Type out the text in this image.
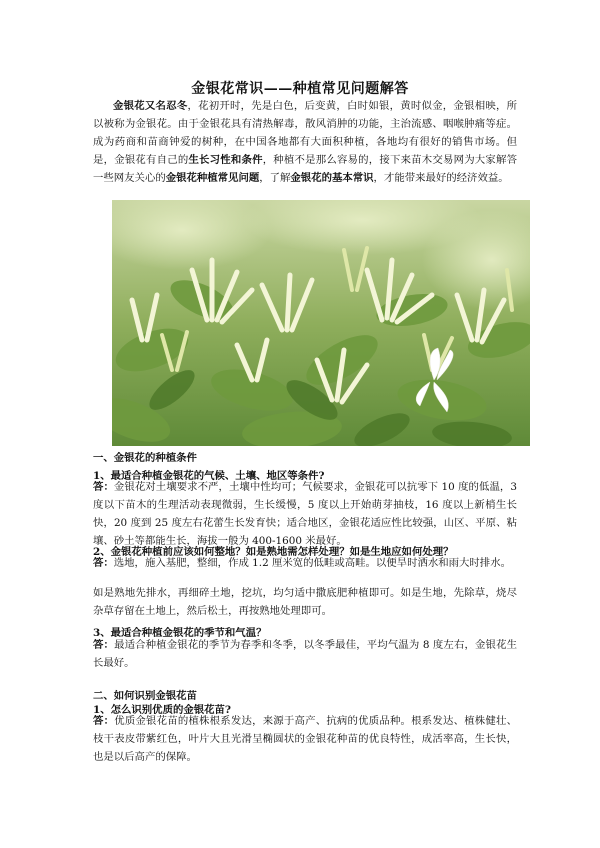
金银花常识——种植常见问题解答

金银花又名忍冬，花初开时，先是白色，后变黄，白时如银，黄时似金，金银相映，所以被称为金银花。由于金银花具有清热解毒，散风消肿的功能，主治流感、咽喉肿痛等症。成为药商和苗商钟爱的树种，在中国各地都有大面积种植，各地均有很好的销售市场。但是，金银花有自己的生长习性和条件，种植不是那么容易的，接下来苗木交易网为大家解答一些网友关心的金银花种植常见问题，了解金银花的基本常识，才能带来最好的经济效益。

一、金银花的种植条件
1、最适合种植金银花的气候、土壤、地区等条件?

答：金银花对土壤要求不严，土壤中性均可；气候要求，金银花可以抗零下 10 度的低温，3 度以下苗木的生理活动表现微弱，生长缓慢，5 度以上开始萌芽抽枝，16 度以上新梢生长快，20 度到 25 度左右花蕾生长发育快；适合地区，金银花适应性比较强，山区、平原、粘壤、砂土等都能生长，海拔一般为 400-1600 米最好。

2、金银花种植前应该如何整地？如是熟地需怎样处理？如是生地应如何处理？

答：选地，施入基肥，整细，作成 1.2 厘米宽的低畦或高畦。以便旱时洒水和雨大时排水。

如是熟地先排水，再细碎土地，挖坑，均匀适中撒底肥种植即可。如是生地，先除草，烧尽杂草存留在土地上，然后松土，再按熟地处理即可。

3、最适合种植金银花的季节和气温？

答：最适合种植金银花的季节为春季和冬季，以冬季最佳，平均气温为 8 度左右，金银花生长最好。

二、如何识别金银花苗
1、怎么识别优质的金银花苗?

答：优质金银花苗的植株根系发达，来源于高产、抗病的优质品种。根系发达、植株健壮、枝干表皮带紫红色，叶片大且光滑呈椭圆状的金银花种苗的优良特性，成活率高，生长快，也是以后高产的保障。
